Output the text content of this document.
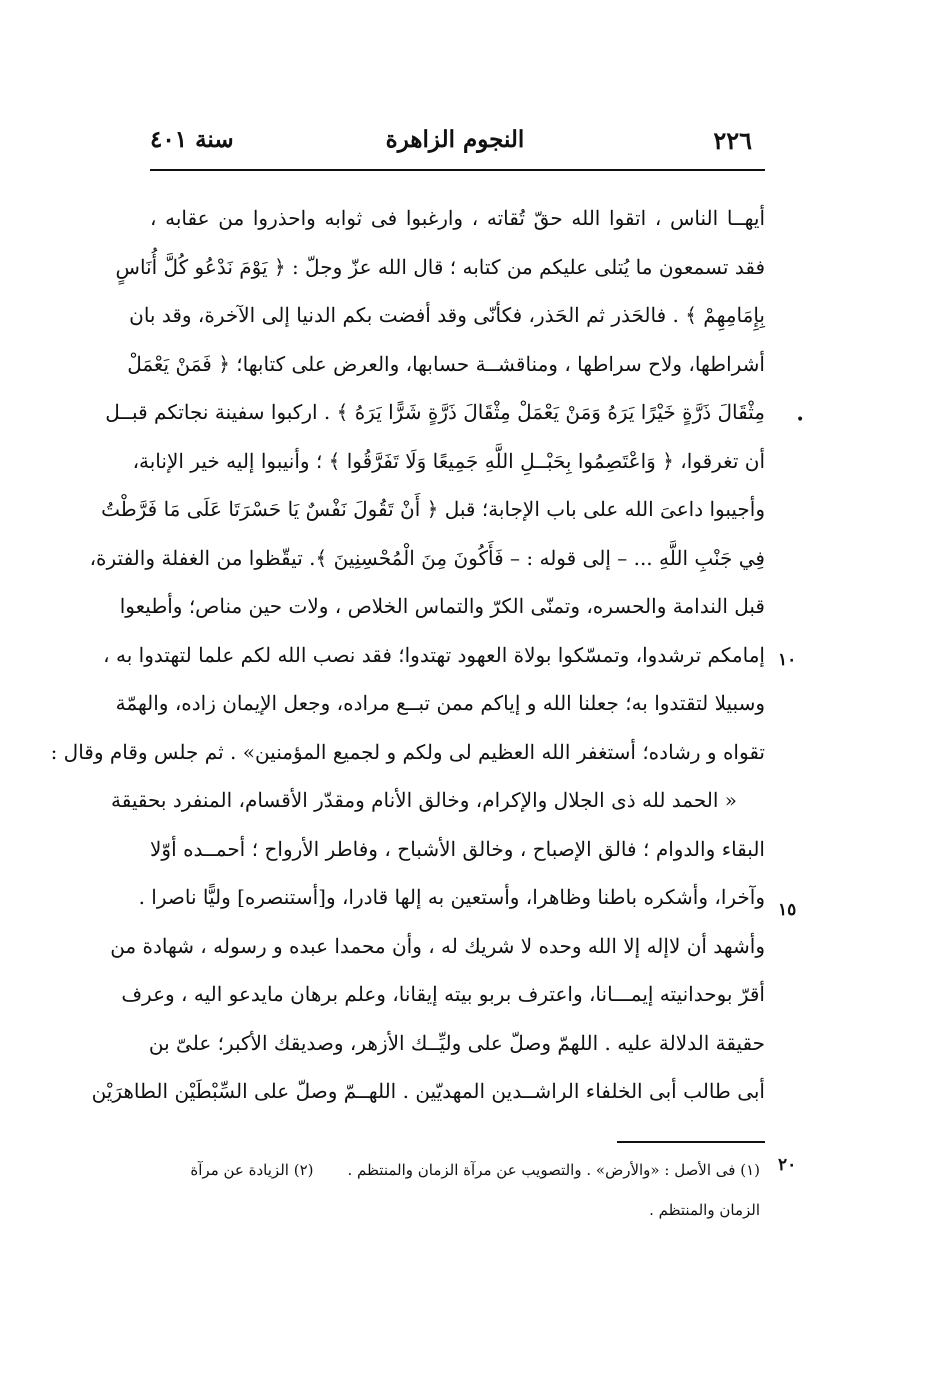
٢٢٦
النجوم الزاهرة
سنة ٤٠١
أيهــا الناس ، اتقوا الله حقّ تُقاته ، وارغبوا فى ثوابه واحذروا من عقابه ،
فقد تسمعون ما يُتلى عليكم من كتابه ؛ قال الله عزّ وجلّ : ﴿ يَوْمَ نَدْعُو كُلَّ أُنَاسٍ
بِإِمَامِهِمْ ﴾ . فالحَذر ثم الحَذر، فكأنّى وقد أفضت بكم الدنيا إلى الآخرة، وقد بان
أشراطها، ولاح سراطها ، ومناقشــة حسابها، والعرض على كتابها؛ ﴿ فَمَنْ يَعْمَلْ
مِثْقَالَ ذَرَّةٍ خَيْرًا يَرَهُ وَمَنْ يَعْمَلْ مِثْقَالَ ذَرَّةٍ شَرًّا يَرَهُ ﴾ . اركبوا سفينة نجاتكم قبــل
أن تغرقوا، ﴿ وَاعْتَصِمُوا بِحَبْــلِ اللَّهِ جَمِيعًا وَلَا تَفَرَّقُوا ﴾ ؛ وأنيبوا إليه خير الإنابة،
وأجيبوا داعىَ الله على باب الإجابة؛ قبل ﴿ أَنْ تَقُولَ نَفْسٌ يَا حَسْرَتَا عَلَى مَا فَرَّطْتُ
فِي جَنْبِ اللَّهِ ... – إلى قوله : – فَأَكُونَ مِنَ الْمُحْسِنِينَ ﴾. تيقّظوا من الغفلة والفترة،
قبل الندامة والحسره، وتمنّى الكرّ والتماس الخلاص ، ولات حين مناص؛ وأطيعوا
إمامكم ترشدوا، وتمسّكوا بولاة العهود تهتدوا؛ فقد نصب الله لكم علما لتهتدوا به ،
وسبيلا لتقتدوا به؛ جعلنا الله و إياكم ممن تبــع مراده، وجعل الإيمان زاده، والهمّة
تقواه و رشاده؛ أستغفر الله العظيم لى ولكم و لجميع المؤمنين» . ثم جلس وقام وقال :
« الحمد لله ذى الجلال والإكرام، وخالق الأنام ومقدّر الأقسام، المنفرد بحقيقة
البقاء والدوام ؛ فالق الإصباح ، وخالق الأشباح ، وفاطر الأرواح ؛ أحمــده أوّلا
وآخرا، وأشكره باطنا وظاهرا، وأستعين به إلها قادرا، و[أستنصره] وليًّا ناصرا .
وأشهد أن لاإله إلا الله وحده لا شريك له ، وأن محمدا عبده و رسوله ، شهادة من
أقرّ بوحدانيته إيمـــانا، واعترف بربو بيته إيقانا، وعلم برهان مايدعو اليه ، وعرف
حقيقة الدلالة عليه . اللهمّ وصلّ على وليِّــك الأزهر، وصديقك الأكبر؛ علىّ بن
أبى طالب أبى الخلفاء الراشــدين المهديّين . اللهــمّ وصلّ على السِّبْطَيْن الطاهرَيْن
•
١٠
١٥
٢٠
(١) فى الأصل : «والأرض» . والتصويب عن مرآة الزمان والمنتظم .(٢) الزيادة عن مرآة
الزمان والمنتظم .
